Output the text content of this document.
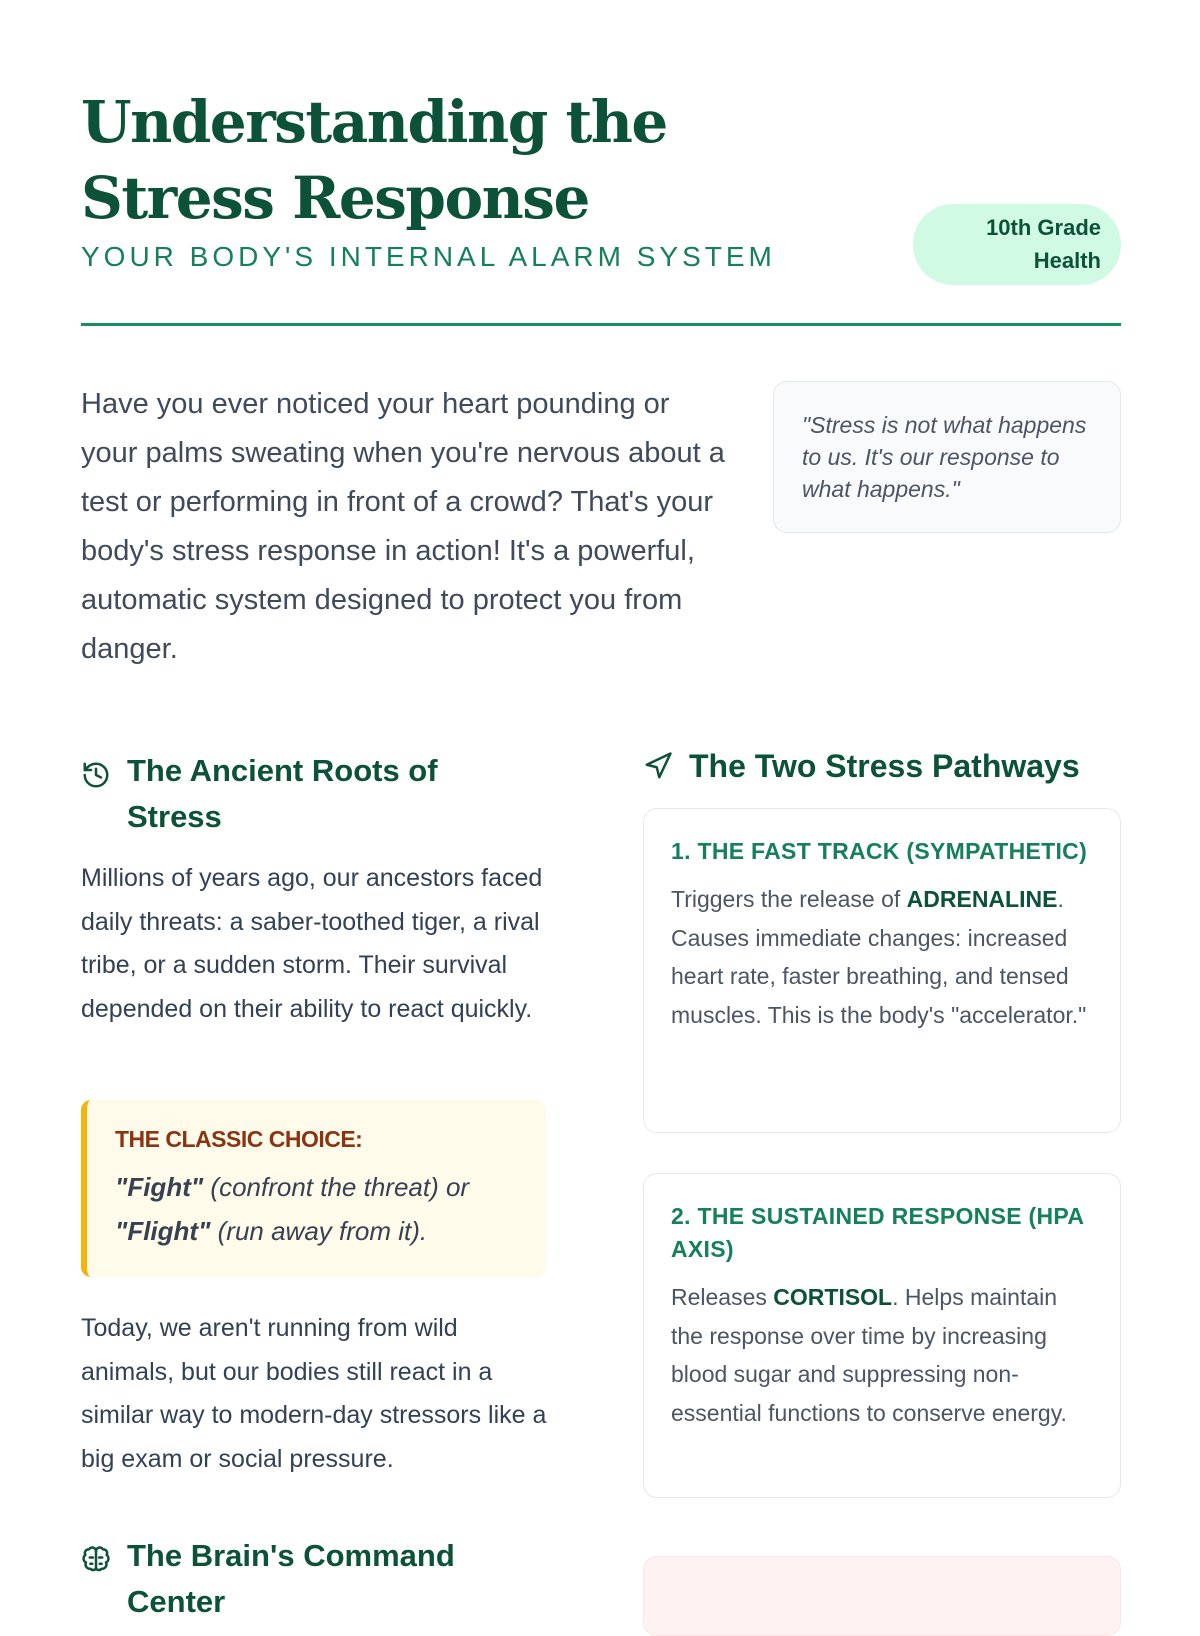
Understanding the Stress Response
YOUR BODY'S INTERNAL ALARM SYSTEM
10th Grade Health

Have you ever noticed your heart pounding or your palms sweating when you're nervous about a test or performing in front of a crowd? That's your body's stress response in action! It's a powerful, automatic system designed to protect you from danger.

"Stress is not what happens to us. It's our response to what happens."
The Ancient Roots of Stress

Millions of years ago, our ancestors faced daily threats: a saber-toothed tiger, a rival tribe, or a sudden storm. Their survival depended on their ability to react quickly.

THE CLASSIC CHOICE:

"Fight" (confront the threat) or
"Flight" (run away from it).

Today, we aren't running from wild animals, but our bodies still react in a similar way to modern-day stressors like a big exam or social pressure.

The Brain's Command Center
The Two Stress Pathways
1. THE FAST TRACK (SYMPATHETIC)

Triggers the release of ADRENALINE. Causes immediate changes: increased heart rate, faster breathing, and tensed muscles. This is the body's "accelerator."

2. THE SUSTAINED RESPONSE (HPA AXIS)

Releases CORTISOL. Helps maintain the response over time by increasing blood sugar and suppressing non-essential functions to conserve energy.
